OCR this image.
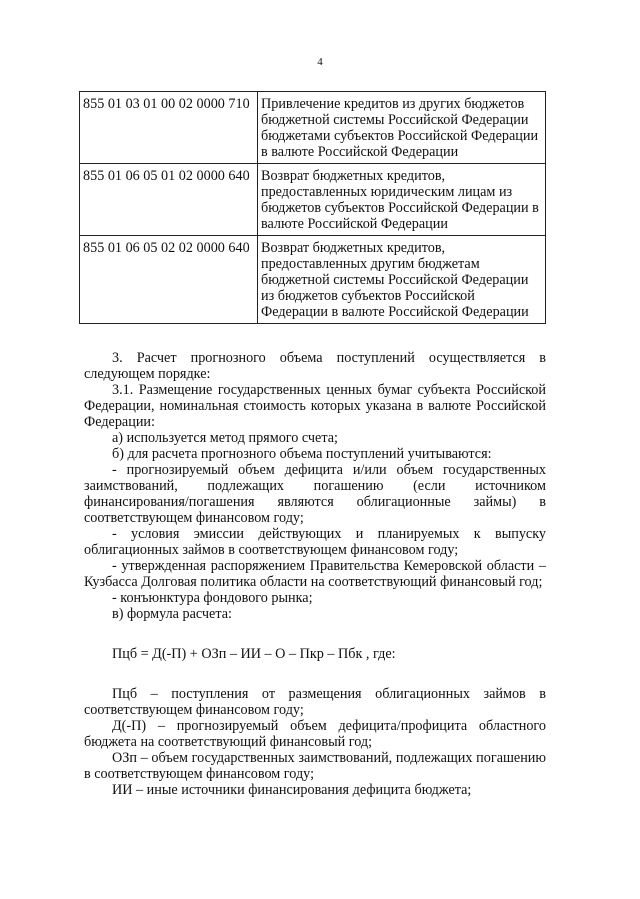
4
855 01 03 01 00 02 0000 710	Привлечение кредитов из других бюджетов бюджетной системы Российской Федерации бюджетами субъектов Российской Федерации в валюте Российской Федерации
855 01 06 05 01 02 0000 640	Возврат бюджетных кредитов, предоставленных юридическим лицам из бюджетов субъектов Российской Федерации в валюте Российской Федерации
855 01 06 05 02 02 0000 640	Возврат бюджетных кредитов, предоставленных другим бюджетам бюджетной системы Российской Федерации из бюджетов субъектов Российской Федерации в валюте Российской Федерации

3. Расчет прогнозного объема поступлений осуществляется в следующем порядке:

3.1. Размещение государственных ценных бумаг субъекта Российской Федерации, номинальная стоимость которых указана в валюте Российской Федерации:

а) используется метод прямого счета;

б) для расчета прогнозного объема поступлений учитываются:

- прогнозируемый объем дефицита и/или объем государственных заимствований, подлежащих погашению (если источником финансирования/погашения являются облигационные займы) в соответствующем финансовом году;

- условия эмиссии действующих и планируемых к выпуску облигационных займов в соответствующем финансовом году;

- утвержденная распоряжением Правительства Кемеровской области – Кузбасса Долговая политика области на соответствующий финансовый год;

- конъюнктура фондового рынка;

в) формула расчета:

Пцб = Д(-П) + ОЗп – ИИ – О – Пкр – Пбк , где:

Пцб – поступления от размещения облигационных займов в соответствующем финансовом году;

Д(-П) – прогнозируемый объем дефицита/профицита областного бюджета на соответствующий финансовый год;

ОЗп – объем государственных заимствований, подлежащих погашению в соответствующем финансовом году;

ИИ – иные источники финансирования дефицита бюджета;
